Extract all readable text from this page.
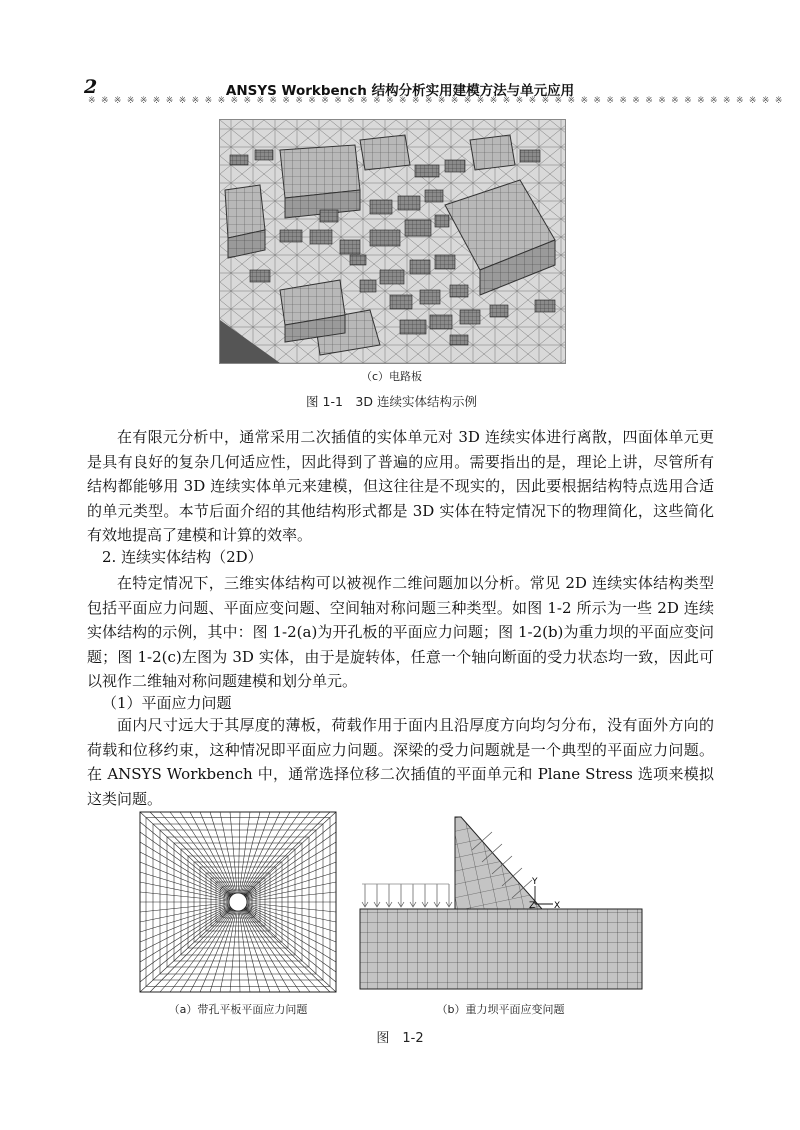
2	ANSYS Workbench 结构分析实用建模方法与单元应用
※ ※ ※ ※ ※ ※ ※ ※ ※ ※ ※ ※ ※ ※ ※ ※ ※ ※ ※ ※ ※ ※ ※ ※ ※ ※ ※ ※ ※ ※ ※ ※ ※ ※ ※ ※ ※ ※ ※ ※ ※ ※ ※ ※ ※ ※ ※ ※ ※ ※ ※ ※ ※ ※
（c）电路板
图 1-1　3D 连续实体结构示例

在有限元分析中，通常采用二次插值的实体单元对 3D 连续实体进行离散，四面体单元更是具有良好的复杂几何适应性，因此得到了普遍的应用。需要指出的是，理论上讲，尽管所有结构都能够用 3D 连续实体单元来建模，但这往往是不现实的，因此要根据结构特点选用合适的单元类型。本节后面介绍的其他结构形式都是 3D 实体在特定情况下的物理简化，这些简化有效地提高了建模和计算的效率。

2. 连续实体结构（2D）

在特定情况下，三维实体结构可以被视作二维问题加以分析。常见 2D 连续实体结构类型包括平面应力问题、平面应变问题、空间轴对称问题三种类型。如图 1-2 所示为一些 2D 连续实体结构的示例，其中：图 1-2(a)为开孔板的平面应力问题；图 1-2(b)为重力坝的平面应变问题；图 1-2(c)左图为 3D 实体，由于是旋转体，任意一个轴向断面的受力状态均一致，因此可以视作二维轴对称问题建模和划分单元。

（1）平面应力问题

面内尺寸远大于其厚度的薄板，荷载作用于面内且沿厚度方向均匀分布，没有面外方向的荷载和位移约束，这种情况即平面应力问题。深梁的受力问题就是一个典型的平面应力问题。在 ANSYS Workbench 中，通常选择位移二次插值的平面单元和 Plane Stress 选项来模拟这类问题。

Y
Z X
（a）带孔平板平面应力问题	（b）重力坝平面应变问题
图　1-2
